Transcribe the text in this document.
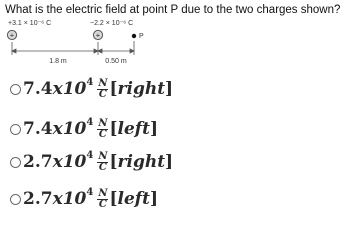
What is the electric field at point P due to the two charges shown?
+3.1 × 10⁻⁶ C	−2.2 × 10⁻⁶ C
+	+	P
1.8 m	0.50 m
7.4 x10 $4 \frac{N}{C}$ [ right ]
7.4 x10 $4 \frac{N}{C}$ [ left ]
2.7 x10 $4 \frac{N}{C}$ [ right ]
2.7 x10 $4 \frac{N}{C}$ [ left ]
